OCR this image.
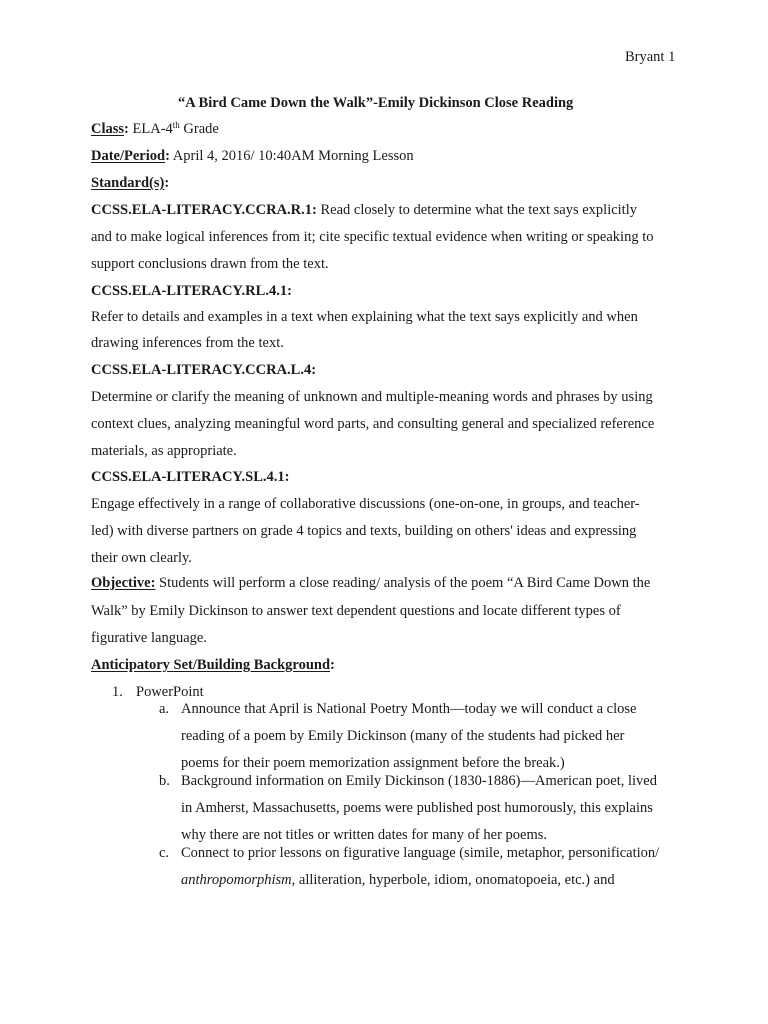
Bryant 1
“A Bird Came Down the Walk”-Emily Dickinson Close Reading
Class: ELA-4th Grade
Date/Period: April 4, 2016/ 10:40AM Morning Lesson
Standard(s):
CCSS.ELA-LITERACY.CCRA.R.1: Read closely to determine what the text says explicitly
and to make logical inferences from it; cite specific textual evidence when writing or speaking to
support conclusions drawn from the text.
CCSS.ELA-LITERACY.RL.4.1:
Refer to details and examples in a text when explaining what the text says explicitly and when
drawing inferences from the text.
CCSS.ELA-LITERACY.CCRA.L.4:
Determine or clarify the meaning of unknown and multiple-meaning words and phrases by using
context clues, analyzing meaningful word parts, and consulting general and specialized reference
materials, as appropriate.
CCSS.ELA-LITERACY.SL.4.1:
Engage effectively in a range of collaborative discussions (one-on-one, in groups, and teacher-
led) with diverse partners on grade 4 topics and texts, building on others' ideas and expressing
their own clearly.
Objective: Students will perform a close reading/ analysis of the poem “A Bird Came Down the
Walk” by Emily Dickinson to answer text dependent questions and locate different types of
figurative language.
Anticipatory Set/Building Background:
1. PowerPoint
a. Announce that April is National Poetry Month—today we will conduct a close
reading of a poem by Emily Dickinson (many of the students had picked her
poems for their poem memorization assignment before the break.)
b. Background information on Emily Dickinson (1830-1886)—American poet, lived
in Amherst, Massachusetts, poems were published post humorously, this explains
why there are not titles or written dates for many of her poems.
c. Connect to prior lessons on figurative language (simile, metaphor, personification/
anthropomorphism, alliteration, hyperbole, idiom, onomatopoeia, etc.) and
